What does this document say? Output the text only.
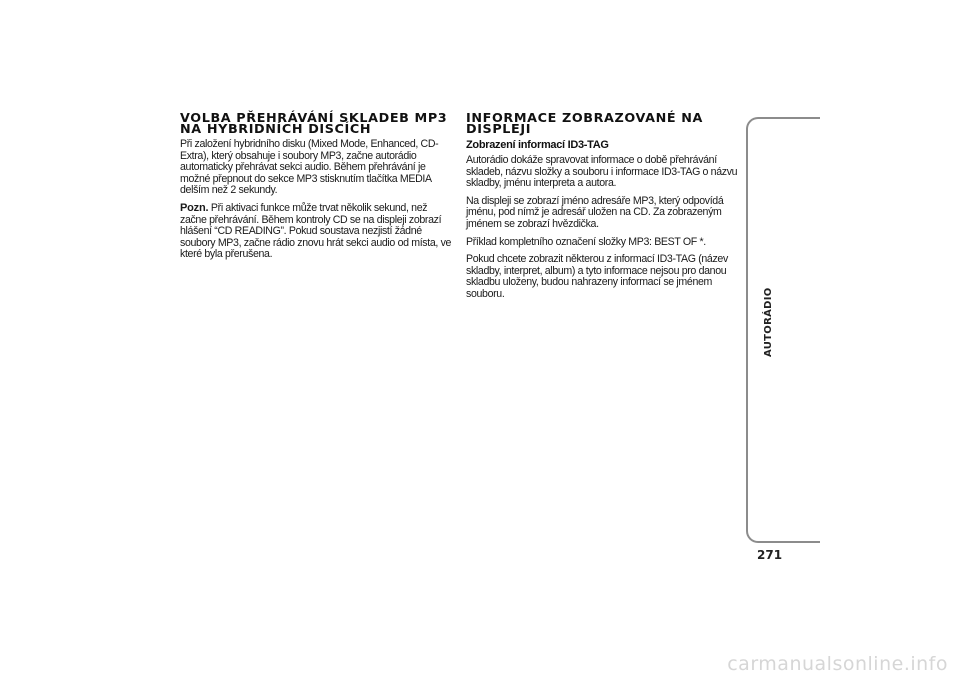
VOLBA PŘEHRÁVÁNÍ SKLADEB MP3
NA HYBRIDNÍCH DISCÍCH

Při založení hybridního disku (Mixed Mode, Enhanced, CD-Extra), který obsahuje i soubory MP3, začne autorádio automaticky přehrávat sekci audio. Během přehrávání je možné přepnout do sekce MP3 stisknutím tlačítka MEDIA delším než 2 sekundy.

Pozn. Při aktivaci funkce může trvat několik sekund, než začne přehrávání. Během kontroly CD se na displeji zobrazí hlášení “CD READING”. Pokud soustava nezjistí žádné soubory MP3, začne rádio znovu hrát sekci audio od místa, ve které byla přerušena.

INFORMACE ZOBRAZOVANÉ NA
DISPLEJI
Zobrazení informací ID3-TAG

Autorádio dokáže spravovat informace o době přehrávání skladeb, názvu složky a souboru i informace ID3-TAG o názvu skladby, jménu interpreta a autora.

Na displeji se zobrazí jméno adresáře MP3, který odpovídá jménu, pod nímž je adresář uložen na CD. Za zobrazeným jménem se zobrazí hvězdička.

Příklad kompletního označení složky MP3: BEST OF *.

Pokud chcete zobrazit některou z informací ID3-TAG (název skladby, interpret, album) a tyto informace nejsou pro danou skladbu uloženy, budou nahrazeny informací se jménem souboru.	AUTORÁDIO
271
carmanualsonline.info
